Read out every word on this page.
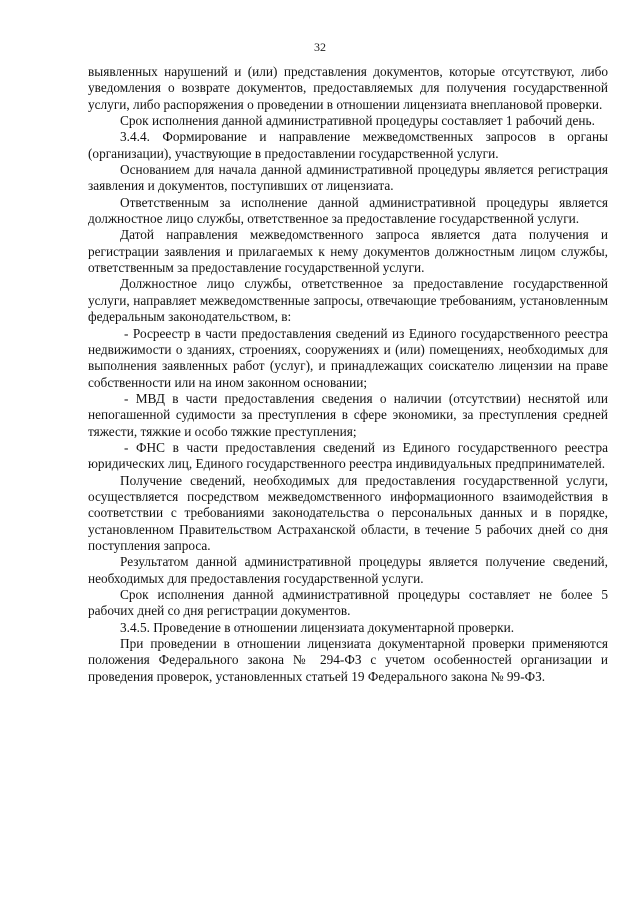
32

выявленных нарушений и (или) представления документов, которые отсутствуют, либо уведомления о возврате документов, предоставляемых для получения государственной услуги, либо распоряжения о проведении в отношении лицензиата внеплановой проверки.

Срок исполнения данной административной процедуры составляет 1 рабочий день.

3.4.4. Формирование и направление межведомственных запросов в органы (организации), участвующие в предоставлении государственной услуги.

Основанием для начала данной административной процедуры является регистрация заявления и документов, поступивших от лицензиата.

Ответственным за исполнение данной административной процедуры является должностное лицо службы, ответственное за предоставление государственной услуги.

Датой направления межведомственного запроса является дата получения и регистрации заявления и прилагаемых к нему документов должностным лицом службы, ответственным за предоставление государственной услуги.

Должностное лицо службы, ответственное за предоставление государственной услуги, направляет межведомственные запросы, отвечающие требованиям, установленным федеральным законодательством, в:

- Росреестр в части предоставления сведений из Единого государственного реестра недвижимости о зданиях, строениях, сооружениях и (или) помещениях, необходимых для выполнения заявленных работ (услуг), и принадлежащих соискателю лицензии на праве собственности или на ином законном основании;

- МВД в части предоставления сведения о наличии (отсутствии) неснятой или непогашенной судимости за преступления в сфере экономики, за преступления средней тяжести, тяжкие и особо тяжкие преступления;

- ФНС в части предоставления сведений из Единого государственного реестра юридических лиц, Единого государственного реестра индивидуальных предпринимателей.

Получение сведений, необходимых для предоставления государственной услуги, осуществляется посредством межведомственного информационного взаимодействия в соответствии с требованиями законодательства о персональных данных и в порядке, установленном Правительством Астраханской области, в течение 5 рабочих дней со дня поступления запроса.

Результатом данной административной процедуры является получение сведений, необходимых для предоставления государственной услуги.

Срок исполнения данной административной процедуры составляет не более 5 рабочих дней со дня регистрации документов.

3.4.5. Проведение в отношении лицензиата документарной проверки.

При проведении в отношении лицензиата документарной проверки применяются положения Федерального закона № 294-ФЗ с учетом особенностей организации и проведения проверок, установленных статьей 19 Федерального закона № 99-ФЗ.
